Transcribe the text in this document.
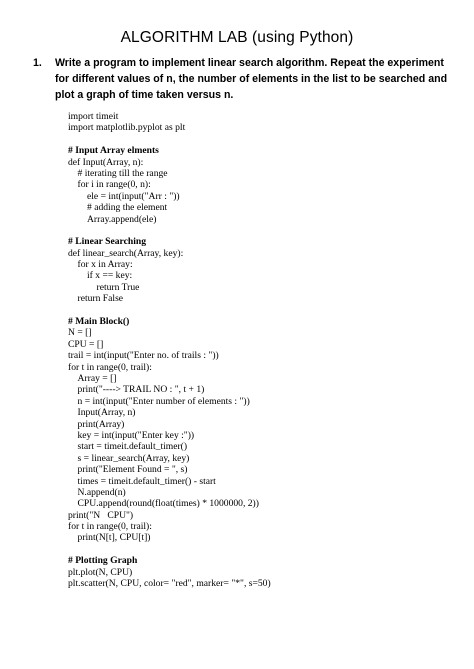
ALGORITHM LAB (using Python)
1. Write a program to implement linear search algorithm. Repeat the experiment for different values of n, the number of elements in the list to be searched and plot a graph of time taken versus n.
import timeit
import matplotlib.pyplot as plt
# Input Array elments
def Input(Array, n):
# iterating till the range
for i in range(0, n):
ele = int(input("Arr : "))
# adding the element
Array.append(ele)
# Linear Searching
def linear_search(Array, key):
for x in Array:
if x == key:
return True
return False
# Main Block()
N = []
CPU = []
trail = int(input("Enter no. of trails : "))
for t in range(0, trail):
Array = []
print("----> TRAIL NO : ", t + 1)
n = int(input("Enter number of elements : "))
Input(Array, n)
print(Array)
key = int(input("Enter key :"))
start = timeit.default_timer()
s = linear_search(Array, key)
print("Element Found = ", s)
times = timeit.default_timer() - start
N.append(n)
CPU.append(round(float(times) * 1000000, 2))
print("N   CPU")
for t in range(0, trail):
print(N[t], CPU[t])
# Plotting Graph
plt.plot(N, CPU)
plt.scatter(N, CPU, color= "red", marker= "*", s=50)
